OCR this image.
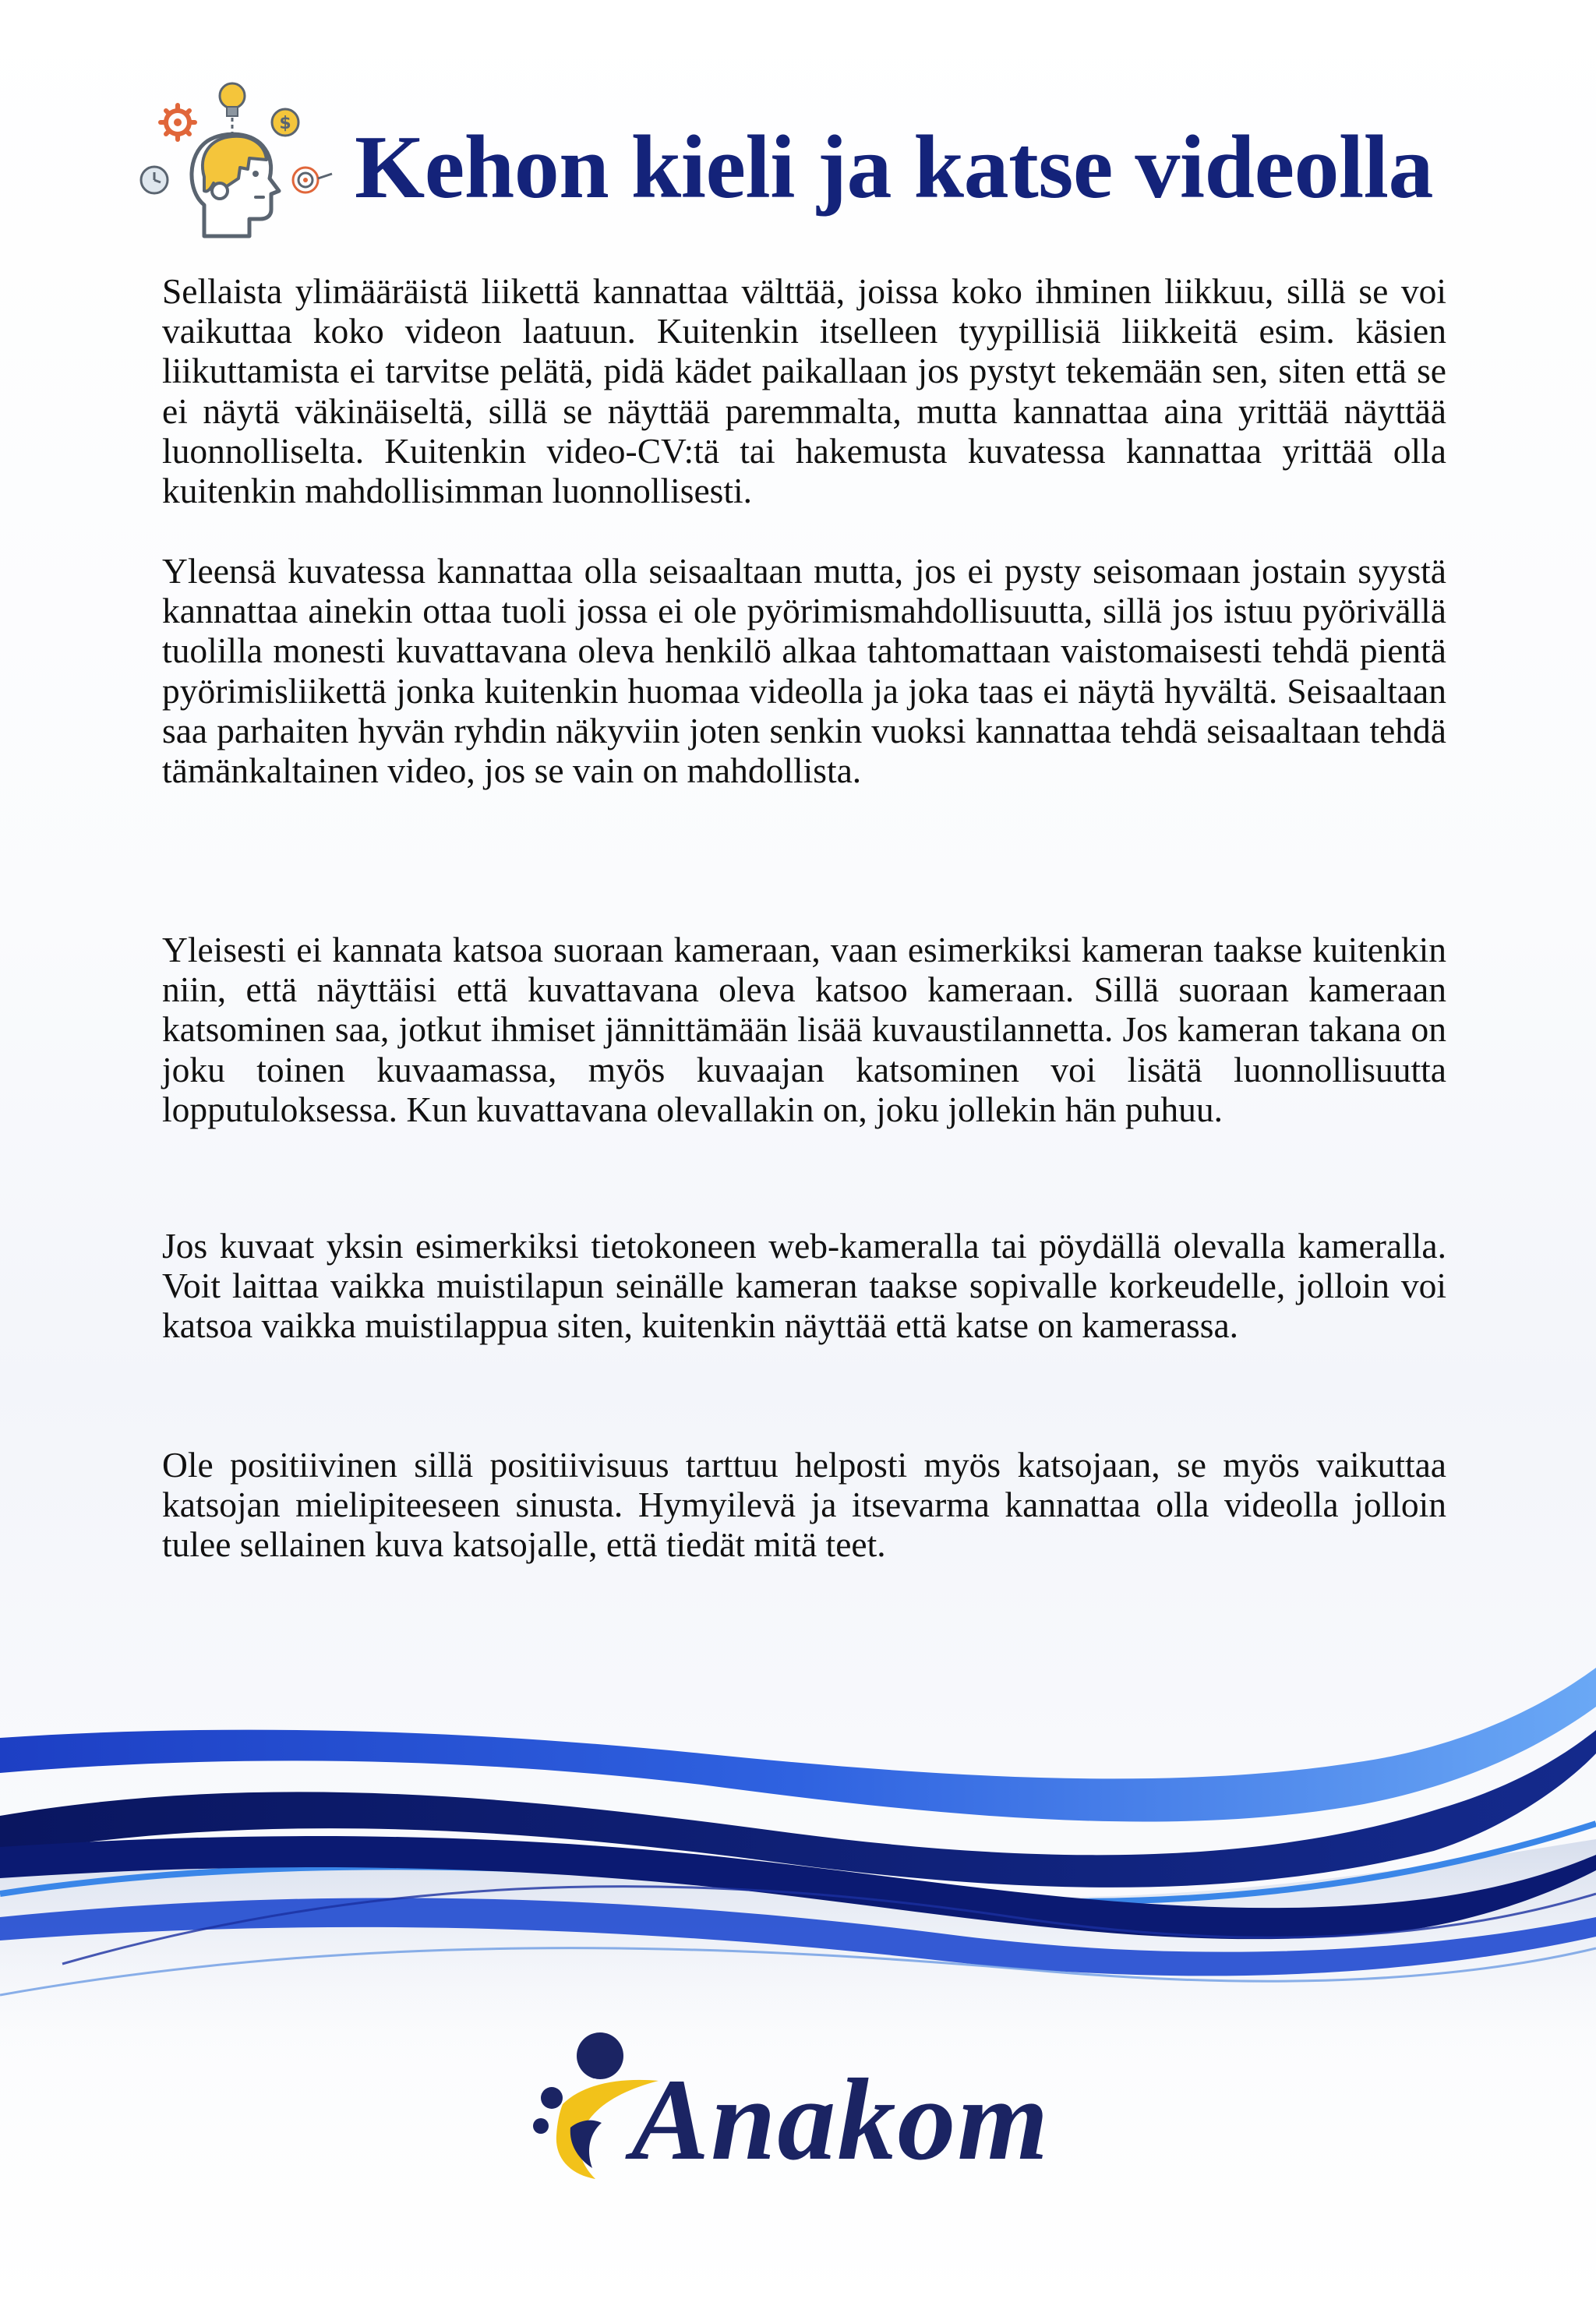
$ Kehon kieli ja katse videolla

Sellaista ylimääräistä liikettä kannattaa välttää, joissa koko ihminen liikkuu, sillä se voi vaikuttaa koko videon laatuun. Kuitenkin itselleen tyypillisiä liikkeitä esim. käsien liikuttamista ei tarvitse pelätä, pidä kädet paikallaan jos pystyt tekemään sen, siten että se ei näytä väkinäiseltä, sillä se näyttää paremmalta, mutta kannattaa aina yrittää näyttää luonnolliselta. Kuitenkin video-CV:tä tai hakemusta kuvatessa kannattaa yrittää olla kuitenkin mahdollisimman luonnollisesti.

Yleensä kuvatessa kannattaa olla seisaaltaan mutta, jos ei pysty seisomaan jostain syystä kannattaa ainekin ottaa tuoli jossa ei ole pyörimismahdollisuutta, sillä jos istuu pyörivällä tuolilla monesti kuvattavana oleva henkilö alkaa tahtomattaan vaistomaisesti tehdä pientä pyörimisliikettä jonka kuitenkin huomaa videolla ja joka taas ei näytä hyvältä. Seisaaltaan saa parhaiten hyvän ryhdin näkyviin joten senkin vuoksi kannattaa tehdä seisaaltaan tehdä tämänkaltainen video, jos se vain on mahdollista.

Yleisesti ei kannata katsoa suoraan kameraan, vaan esimerkiksi kameran taakse kuitenkin niin, että näyttäisi että kuvattavana oleva katsoo kameraan. Sillä suoraan kameraan katsominen saa, jotkut ihmiset jännittämään lisää kuvaustilannetta. Jos kameran takana on joku toinen kuvaamassa, myös kuvaajan katsominen voi lisätä luonnollisuutta lopputuloksessa. Kun kuvattavana olevallakin on, joku jollekin hän puhuu.

Jos kuvaat yksin esimerkiksi tietokoneen web-kameralla tai pöydällä olevalla kameralla. Voit laittaa vaikka muistilapun seinälle kameran taakse sopivalle korkeudelle, jolloin voi katsoa vaikka muistilappua siten, kuitenkin näyttää että katse on kamerassa.

Ole positiivinen sillä positiivisuus tarttuu helposti myös katsojaan, se myös vaikuttaa katsojan mielipiteeseen sinusta. Hymyilevä ja itsevarma kannattaa olla videolla jolloin tulee sellainen kuva katsojalle, että tiedät mitä teet.

Anakom
